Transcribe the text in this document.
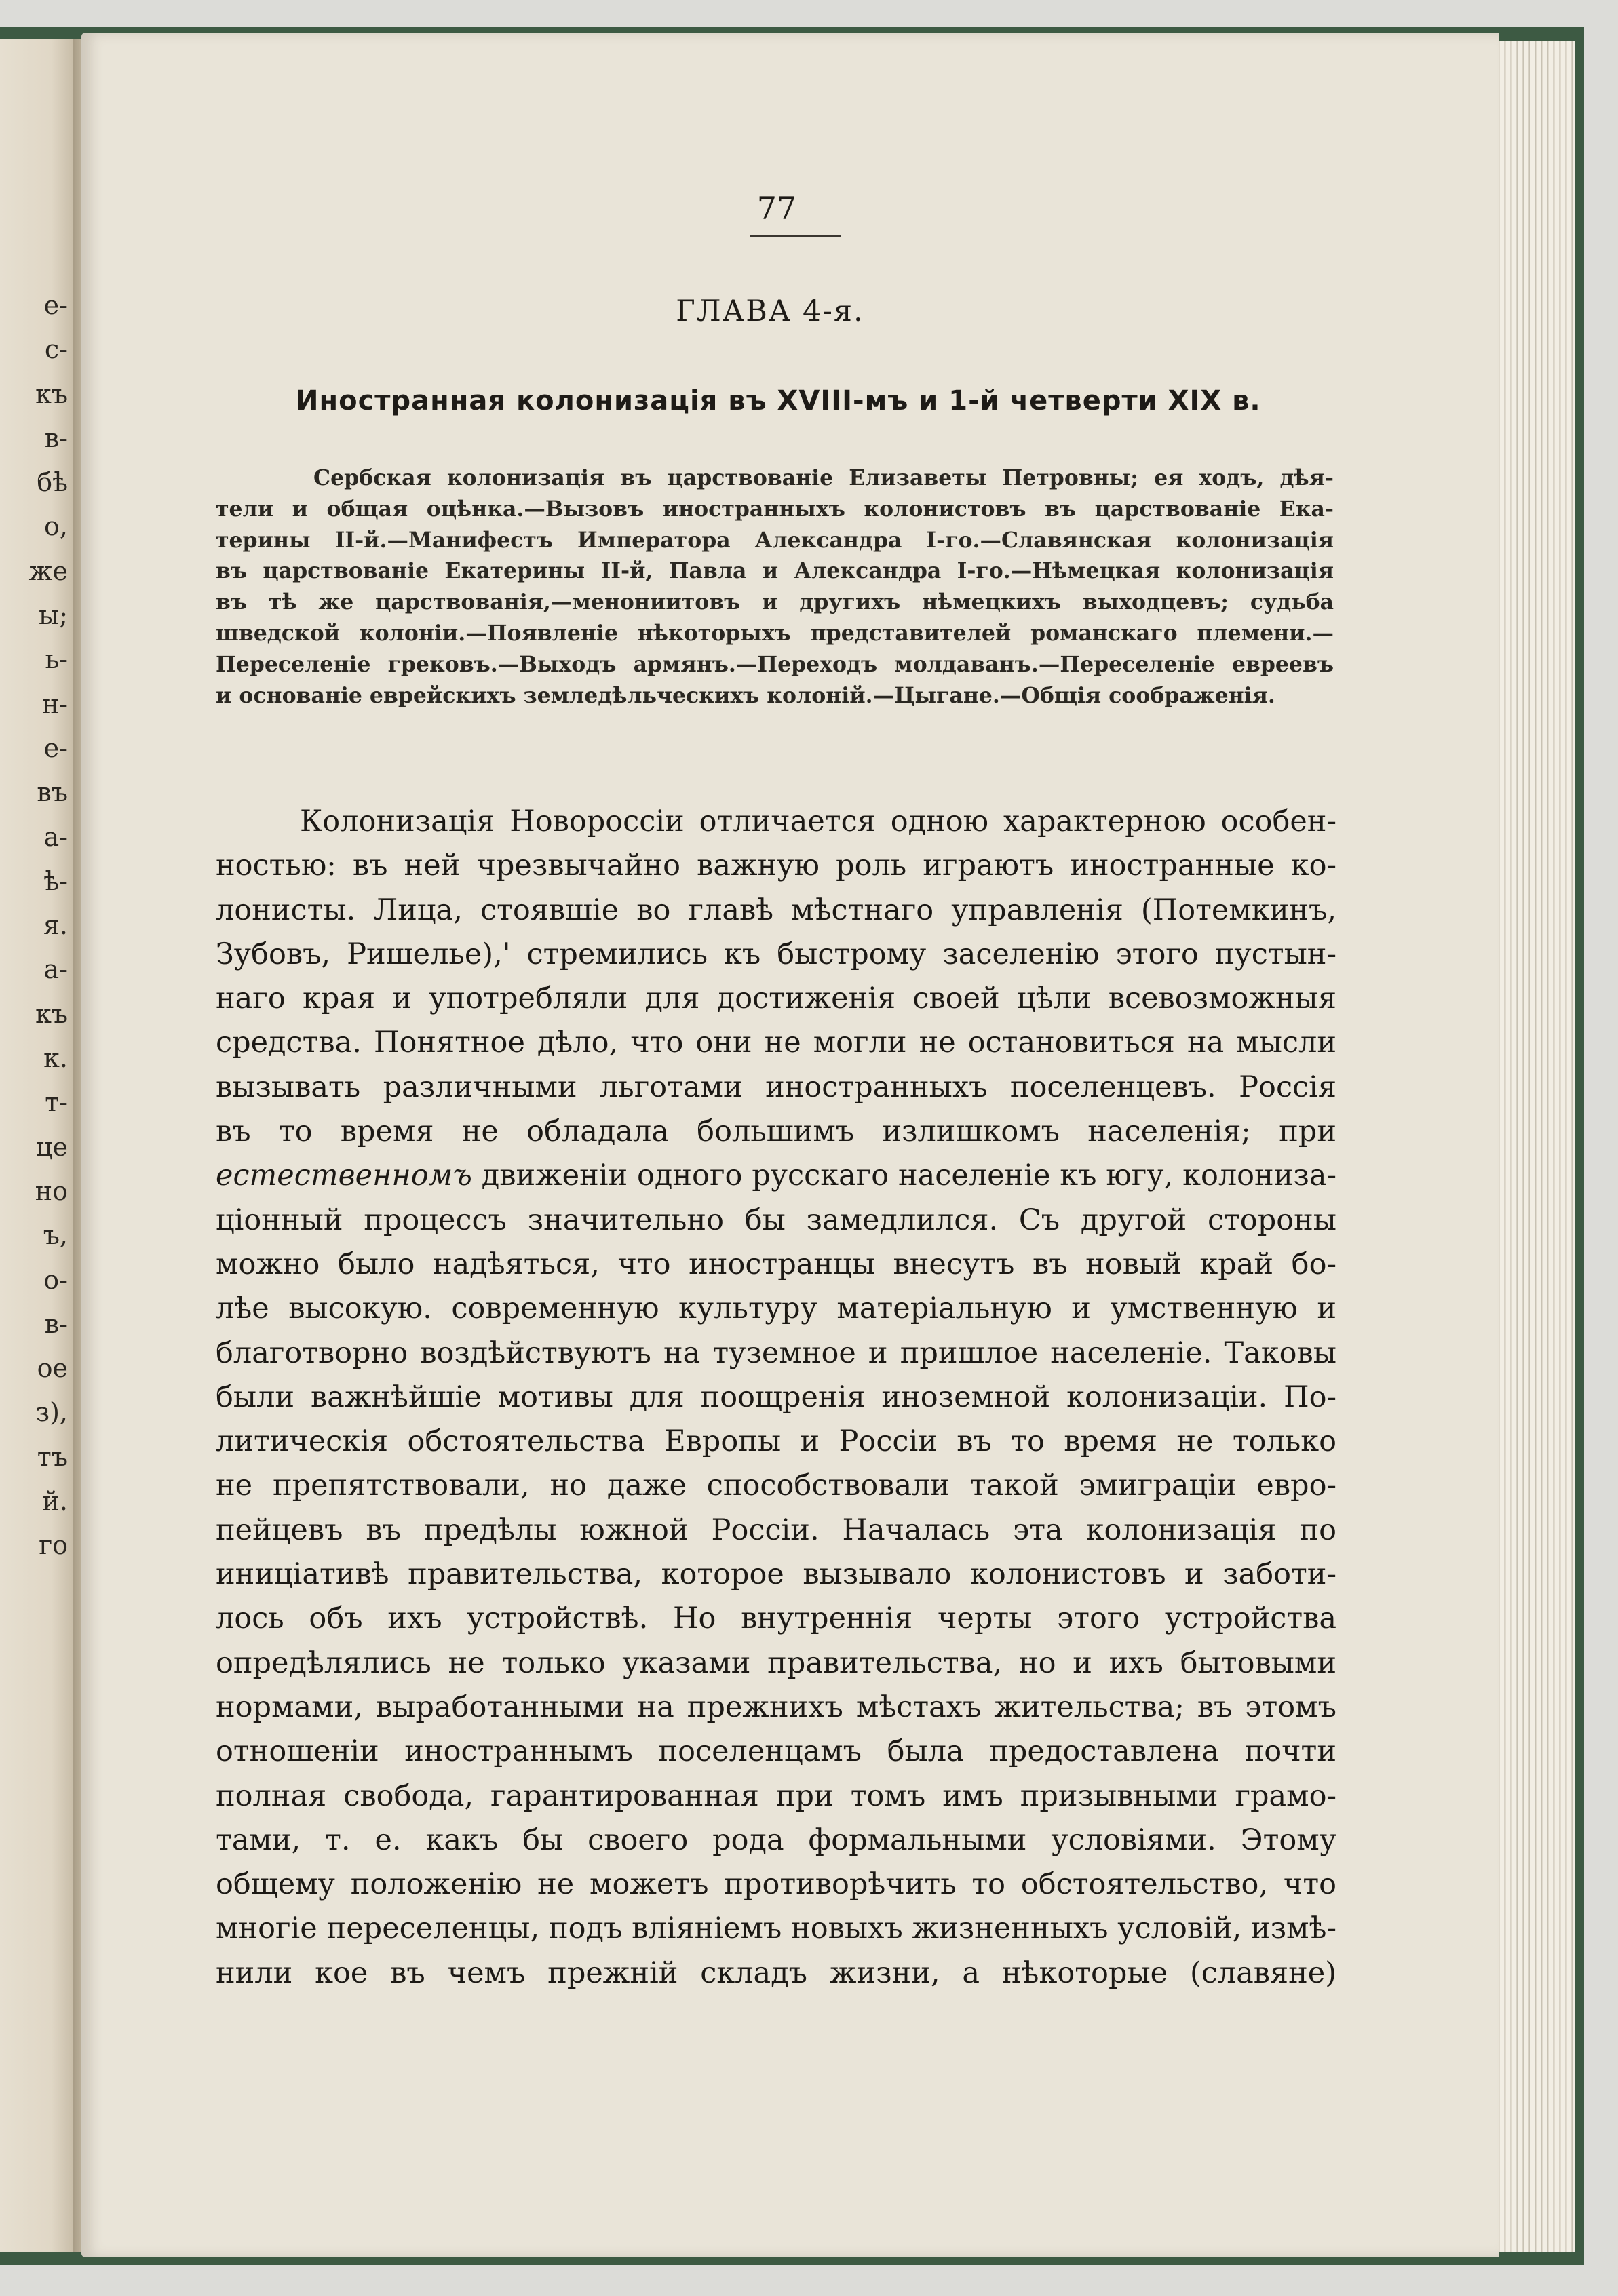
е-
с-
къ
в-
бѣ
о,
же
ы;
ь-
н-
е-
въ
а-
ѣ-
я.
а-
къ
к.
т-
це
но
ъ,
о-
в-
ое
з),
тъ
й.
го
77
ГЛАВА 4-я.
Иностранная колонизація въ XVIII-мъ и 1-й четверти XIX в.
Сербская колонизація въ царствованіе Елизаветы Петровны; ея ходъ, дѣя-
тели и общая оцѣнка.—Вызовъ иностранныхъ колонистовъ въ царствованіе Ека-
терины II-й.—Манифестъ Императора Александра I-го.—Славянская колонизація
въ царствованіе Екатерины II-й, Павла и Александра I-го.—Нѣмецкая колонизація
въ тѣ же царствованія,—менониитовъ и другихъ нѣмецкихъ выходцевъ; судьба
шведской колоніи.—Появленіе нѣкоторыхъ представителей романскаго племени.—
Переселеніе грековъ.—Выходъ армянъ.—Переходъ молдаванъ.—Переселеніе евреевъ
и основаніе еврейскихъ земледѣльческихъ колоній.—Цыгане.—Общія соображенія.
Колонизація Новороссіи отличается одною характерною особен-
ностью: въ ней чрезвычайно важную роль играютъ иностранные ко-
лонисты. Лица, стоявшіе во главѣ мѣстнаго управленія (Потемкинъ,
Зубовъ, Ришелье),' стремились къ быстрому заселенію этого пустын-
наго края и употребляли для достиженія своей цѣли всевозможныя
средства. Понятное дѣло, что они не могли не остановиться на мысли
вызывать различными льготами иностранныхъ поселенцевъ. Россія
въ то время не обладала большимъ излишкомъ населенія; при
естественномъ движеніи одного русскаго населеніе къ югу, колониза-
ціонный процессъ значительно бы замедлился. Съ другой стороны
можно было надѣяться, что иностранцы внесутъ въ новый край бо-
лѣе высокую. современную культуру матеріальную и умственную и
благотворно воздѣйствуютъ на туземное и пришлое населеніе. Таковы
были важнѣйшіе мотивы для поощренія иноземной колонизаціи. По-
литическія обстоятельства Европы и Россіи въ то время не только
не препятствовали, но даже способствовали такой эмиграціи евро-
пейцевъ въ предѣлы южной Россіи. Началась эта колонизація по
иниціативѣ правительства, которое вызывало колонистовъ и заботи-
лось объ ихъ устройствѣ. Но внутреннія черты этого устройства
опредѣлялись не только указами правительства, но и ихъ бытовыми
нормами, выработанными на прежнихъ мѣстахъ жительства; въ этомъ
отношеніи иностраннымъ поселенцамъ была предоставлена почти
полная свобода, гарантированная при томъ имъ призывными грамо-
тами, т. е. какъ бы своего рода формальными условіями. Этому
общему положенію не можетъ противорѣчить то обстоятельство, что
многіе переселенцы, подъ вліяніемъ новыхъ жизненныхъ условій, измѣ-
нили кое въ чемъ прежній складъ жизни, а нѣкоторые (славяне)
